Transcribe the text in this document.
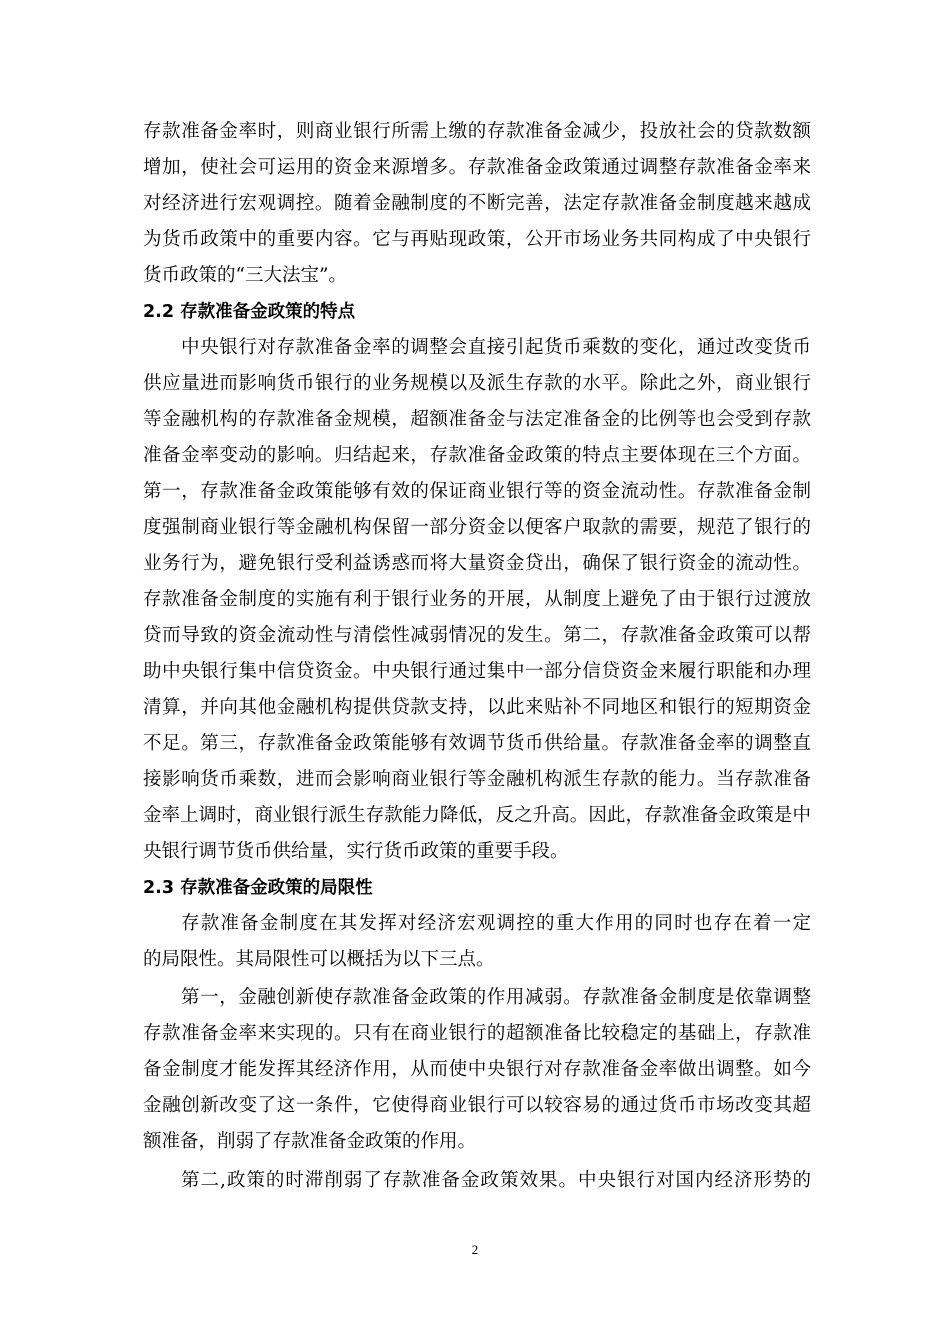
存款准备金率时，则商业银行所需上缴的存款准备金减少，投放社会的贷款数额
增加，使社会可运用的资金来源增多。存款准备金政策通过调整存款准备金率来
对经济进行宏观调控。随着金融制度的不断完善，法定存款准备金制度越来越成
为货币政策中的重要内容。它与再贴现政策，公开市场业务共同构成了中央银行
货币政策的“三大法宝”。
2.2 存款准备金政策的特点
中央银行对存款准备金率的调整会直接引起货币乘数的变化，通过改变货币
供应量进而影响货币银行的业务规模以及派生存款的水平。除此之外，商业银行
等金融机构的存款准备金规模，超额准备金与法定准备金的比例等也会受到存款
准备金率变动的影响。归结起来，存款准备金政策的特点主要体现在三个方面。
第一，存款准备金政策能够有效的保证商业银行等的资金流动性。存款准备金制
度强制商业银行等金融机构保留一部分资金以便客户取款的需要，规范了银行的
业务行为，避免银行受利益诱惑而将大量资金贷出，确保了银行资金的流动性。
存款准备金制度的实施有利于银行业务的开展，从制度上避免了由于银行过渡放
贷而导致的资金流动性与清偿性减弱情况的发生。第二，存款准备金政策可以帮
助中央银行集中信贷资金。中央银行通过集中一部分信贷资金来履行职能和办理
清算，并向其他金融机构提供贷款支持，以此来贴补不同地区和银行的短期资金
不足。第三，存款准备金政策能够有效调节货币供给量。存款准备金率的调整直
接影响货币乘数，进而会影响商业银行等金融机构派生存款的能力。当存款准备
金率上调时，商业银行派生存款能力降低，反之升高。因此，存款准备金政策是中
央银行调节货币供给量，实行货币政策的重要手段。
2.3 存款准备金政策的局限性
存款准备金制度在其发挥对经济宏观调控的重大作用的同时也存在着一定
的局限性。其局限性可以概括为以下三点。
第一，金融创新使存款准备金政策的作用减弱。存款准备金制度是依靠调整
存款准备金率来实现的。只有在商业银行的超额准备比较稳定的基础上，存款准
备金制度才能发挥其经济作用，从而使中央银行对存款准备金率做出调整。如今
金融创新改变了这一条件，它使得商业银行可以较容易的通过货币市场改变其超
额准备，削弱了存款准备金政策的作用。
第二,政策的时滞削弱了存款准备金政策效果。中央银行对国内经济形势的
2
